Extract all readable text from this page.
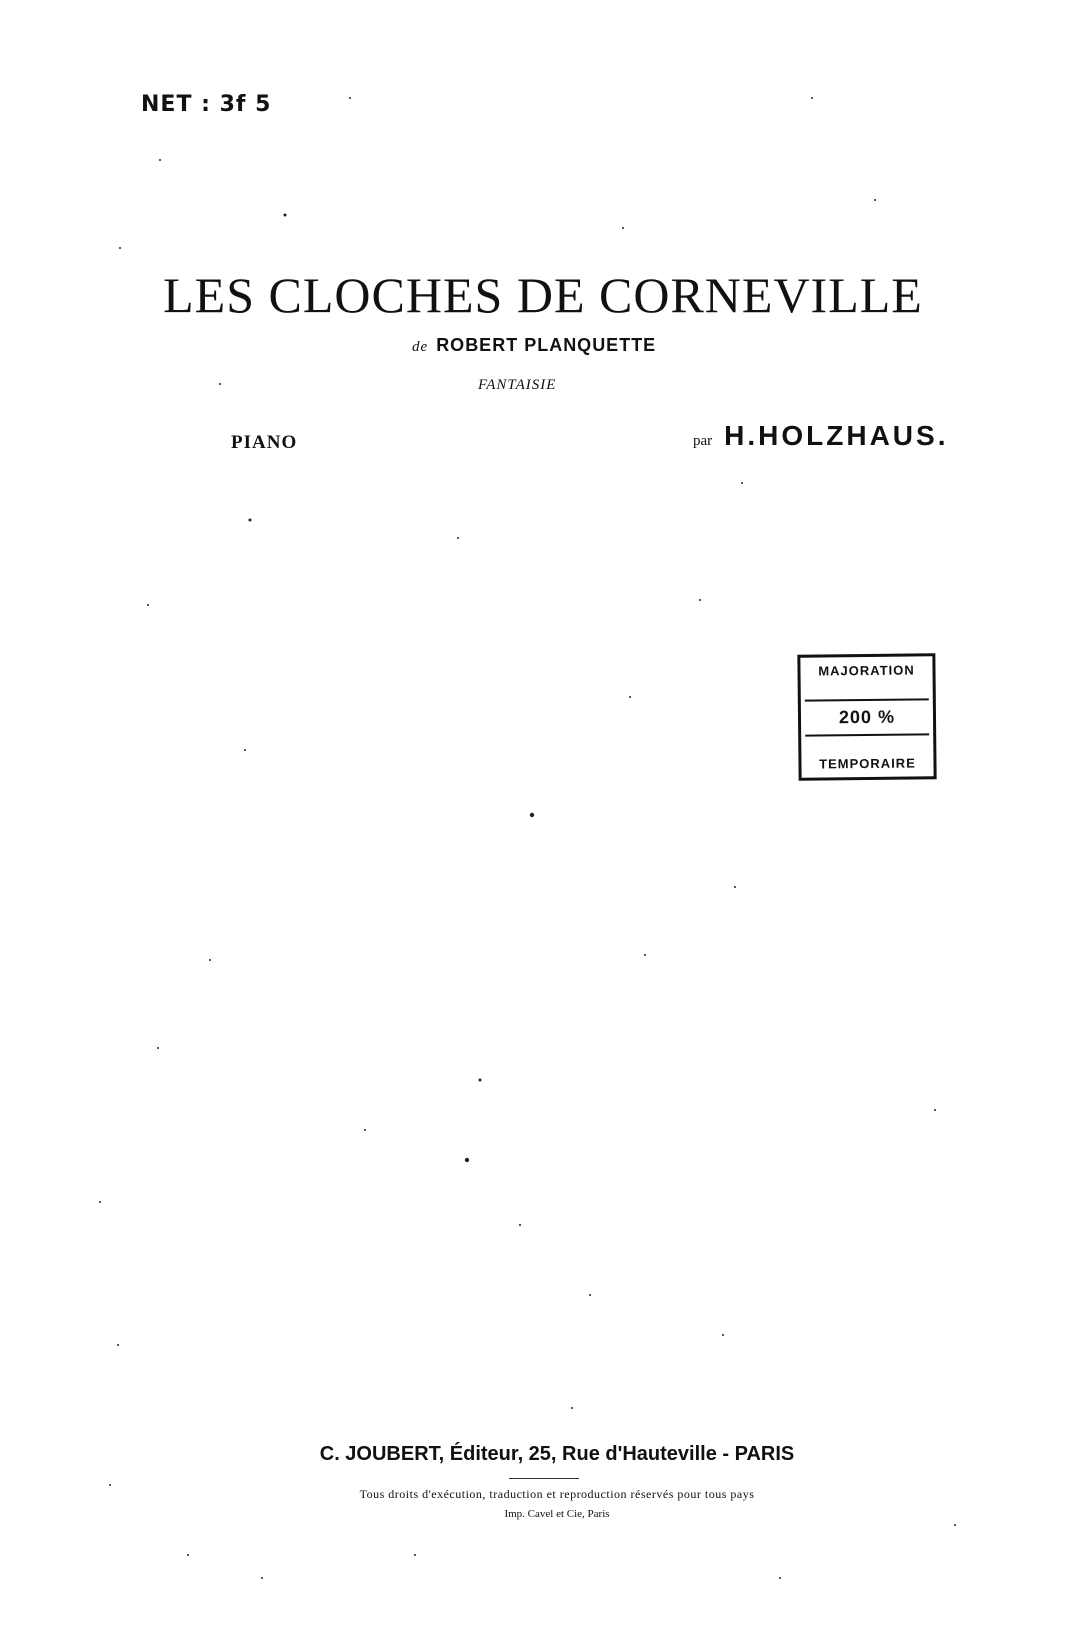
NET : 3f 5
LES CLOCHES DE CORNEVILLE
de ROBERT PLANQUETTE
FANTAISIE
PIANO	par H.HOLZHAUS.
MAJORATION
200 %
TEMPORAIRE
C. JOUBERT, Éditeur, 25, Rue d'Hauteville - PARIS
Tous droits d'exécution, traduction et reproduction réservés pour tous pays
Imp. Cavel et Cie, Paris
